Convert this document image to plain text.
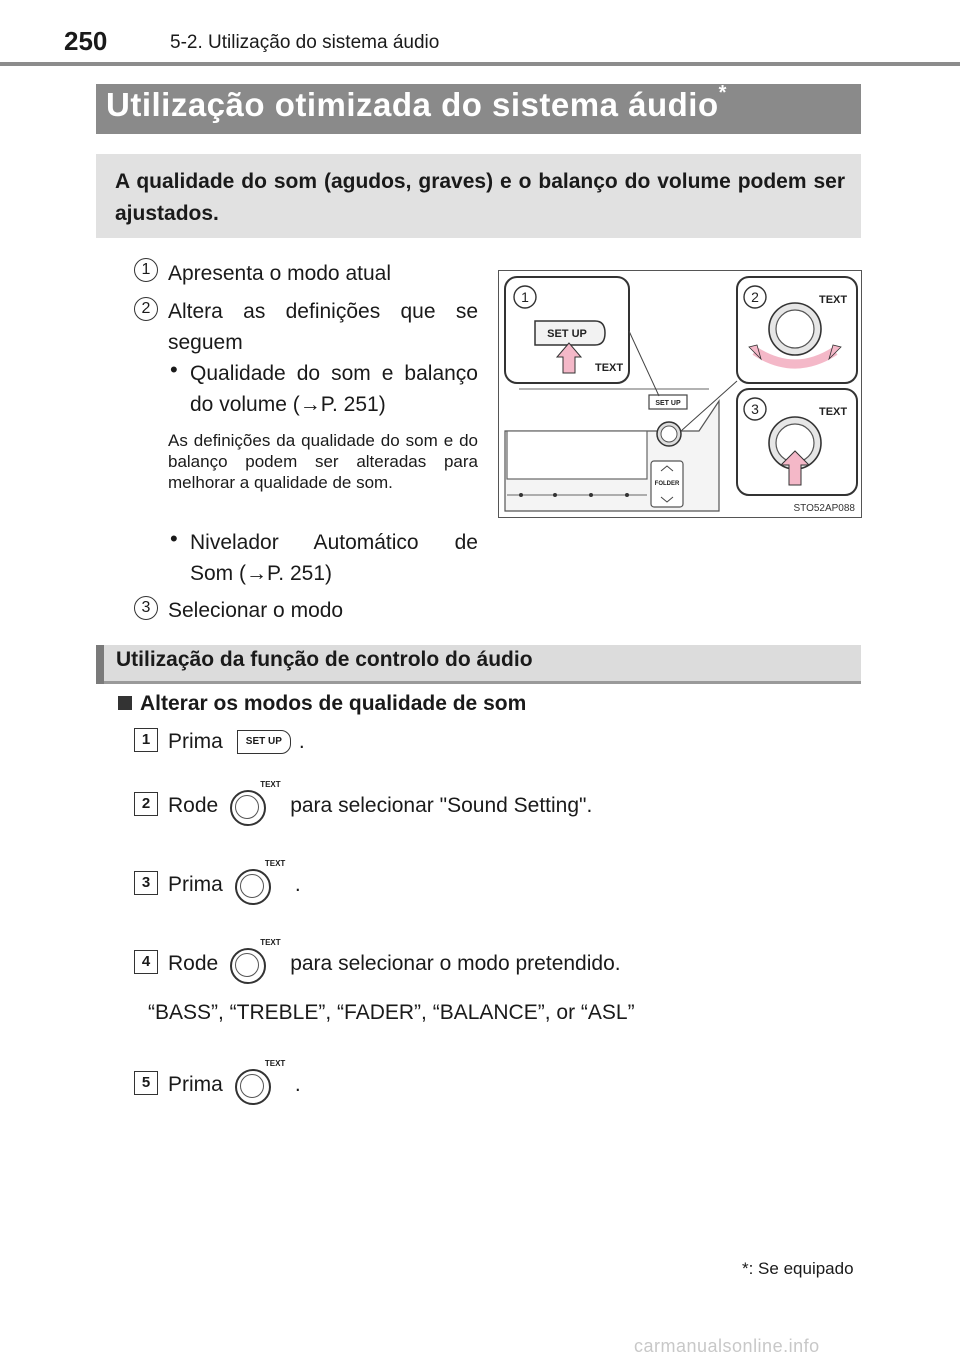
250	5-2. Utilização do sistema áudio
Utilização otimizada do sistema áudio*
A qualidade do som (agudos, graves) e o balanço do volume podem ser ajustados.
1 Apresenta o modo atual
2 Altera as definições que se
seguem
• Qualidade do som e balanço
do volume (→P. 251)
As definições da qualidade do som e do balanço podem ser alteradas para melhorar a qualidade de som.
• Nivelador Automático de
Som (→P. 251)
3 Selecionar o modo
SET UP
FOLDER
1
SET UP
TEXT
2	TEXT
3	TEXT
STO52AP088
Utilização da função de controlo do áudio
Alterar os modos de qualidade de som
1 Prima	SET UP .
2 Rode
TEXT
para selecionar "Sound Setting".
3 Prima
TEXT
.
4 Rode
TEXT
para selecionar o modo pretendido.
“BASS”, “TREBLE”, “FADER”, “BALANCE”, or “ASL”
5 Prima
TEXT
.
*: Se equipado
carmanualsonline.info
